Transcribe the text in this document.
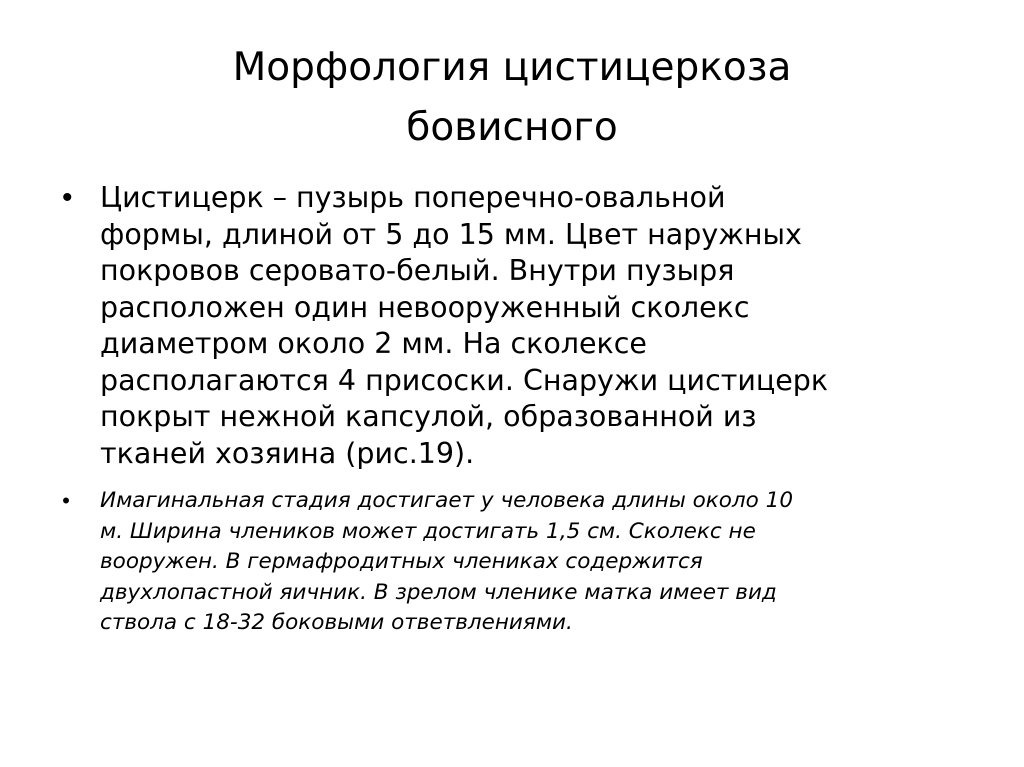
Морфология цистицеркоза
бовисного
• Цистицерк – пузырь поперечно-овальной
формы, длиной от 5 до 15 мм. Цвет наружных
покровов серовато-белый. Внутри пузыря
расположен один невооруженный сколекс
диаметром около 2 мм. На сколексе
располагаются 4 присоски. Снаружи цистицерк
покрыт нежной капсулой, образованной из
тканей хозяина (рис.19).
• Имагинальная стадия достигает у человека длины около 10
м. Ширина члеников может достигать 1,5 см. Сколекс не
вооружен. В гермафродитных члениках содержится
двухлопастной яичник. В зрелом членике матка имеет вид
ствола с 18-32 боковыми ответвлениями.
